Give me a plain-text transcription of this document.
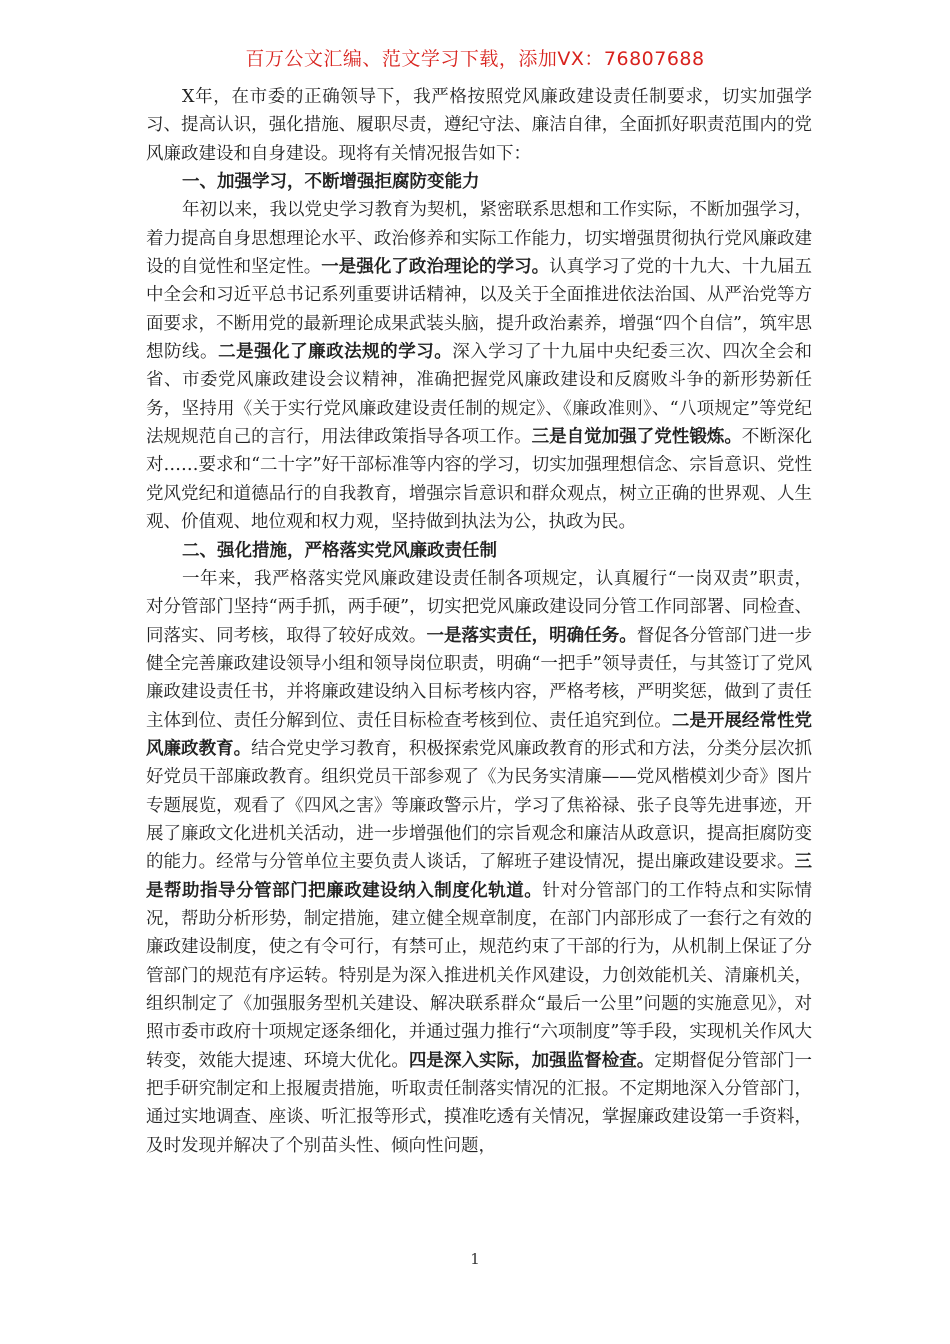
百万公文汇编、范文学习下载，添加VX：76807688

X年，在市委的正确领导下，我严格按照党风廉政建设责任制要求，切实加强学习、提高认识，强化措施、履职尽责，遵纪守法、廉洁自律，全面抓好职责范围内的党风廉政建设和自身建设。现将有关情况报告如下：

一、加强学习，不断增强拒腐防变能力

年初以来，我以党史学习教育为契机，紧密联系思想和工作实际，不断加强学习，着力提高自身思想理论水平、政治修养和实际工作能力，切实增强贯彻执行党风廉政建设的自觉性和坚定性。一是强化了政治理论的学习。认真学习了党的十九大、十九届五中全会和习近平总书记系列重要讲话精神，以及关于全面推进依法治国、从严治党等方面要求，不断用党的最新理论成果武装头脑，提升政治素养，增强“四个自信”，筑牢思想防线。二是强化了廉政法规的学习。深入学习了十九届中央纪委三次、四次全会和省、市委党风廉政建设会议精神，准确把握党风廉政建设和反腐败斗争的新形势新任务，坚持用《关于实行党风廉政建设责任制的规定》、《廉政准则》、“八项规定”等党纪法规规范自己的言行，用法律政策指导各项工作。三是自觉加强了党性锻炼。不断深化对……要求和“二十字”好干部标准等内容的学习，切实加强理想信念、宗旨意识、党性党风党纪和道德品行的自我教育，增强宗旨意识和群众观点，树立正确的世界观、人生观、价值观、地位观和权力观，坚持做到执法为公，执政为民。

二、强化措施，严格落实党风廉政责任制

一年来，我严格落实党风廉政建设责任制各项规定，认真履行“一岗双责”职责，对分管部门坚持“两手抓，两手硬”，切实把党风廉政建设同分管工作同部署、同检查、同落实、同考核，取得了较好成效。一是落实责任，明确任务。督促各分管部门进一步健全完善廉政建设领导小组和领导岗位职责，明确“一把手”领导责任，与其签订了党风廉政建设责任书，并将廉政建设纳入目标考核内容，严格考核，严明奖惩，做到了责任主体到位、责任分解到位、责任目标检查考核到位、责任追究到位。二是开展经常性党风廉政教育。结合党史学习教育，积极探索党风廉政教育的形式和方法，分类分层次抓好党员干部廉政教育。组织党员干部参观了《为民务实清廉——党风楷模刘少奇》图片专题展览，观看了《四风之害》等廉政警示片，学习了焦裕禄、张子良等先进事迹，开展了廉政文化进机关活动，进一步增强他们的宗旨观念和廉洁从政意识，提高拒腐防变的能力。经常与分管单位主要负责人谈话，了解班子建设情况，提出廉政建设要求。三是帮助指导分管部门把廉政建设纳入制度化轨道。针对分管部门的工作特点和实际情况，帮助分析形势，制定措施，建立健全规章制度，在部门内部形成了一套行之有效的廉政建设制度，使之有令可行，有禁可止，规范约束了干部的行为，从机制上保证了分管部门的规范有序运转。特别是为深入推进机关作风建设，力创效能机关、清廉机关，组织制定了《加强服务型机关建设、解决联系群众“最后一公里”问题的实施意见》，对照市委市政府十项规定逐条细化，并通过强力推行“六项制度”等手段，实现机关作风大转变，效能大提速、环境大优化。四是深入实际，加强监督检查。定期督促分管部门一把手研究制定和上报履责措施，听取责任制落实情况的汇报。不定期地深入分管部门，通过实地调查、座谈、听汇报等形式，摸准吃透有关情况，掌握廉政建设第一手资料，及时发现并解决了个别苗头性、倾向性问题，

1
